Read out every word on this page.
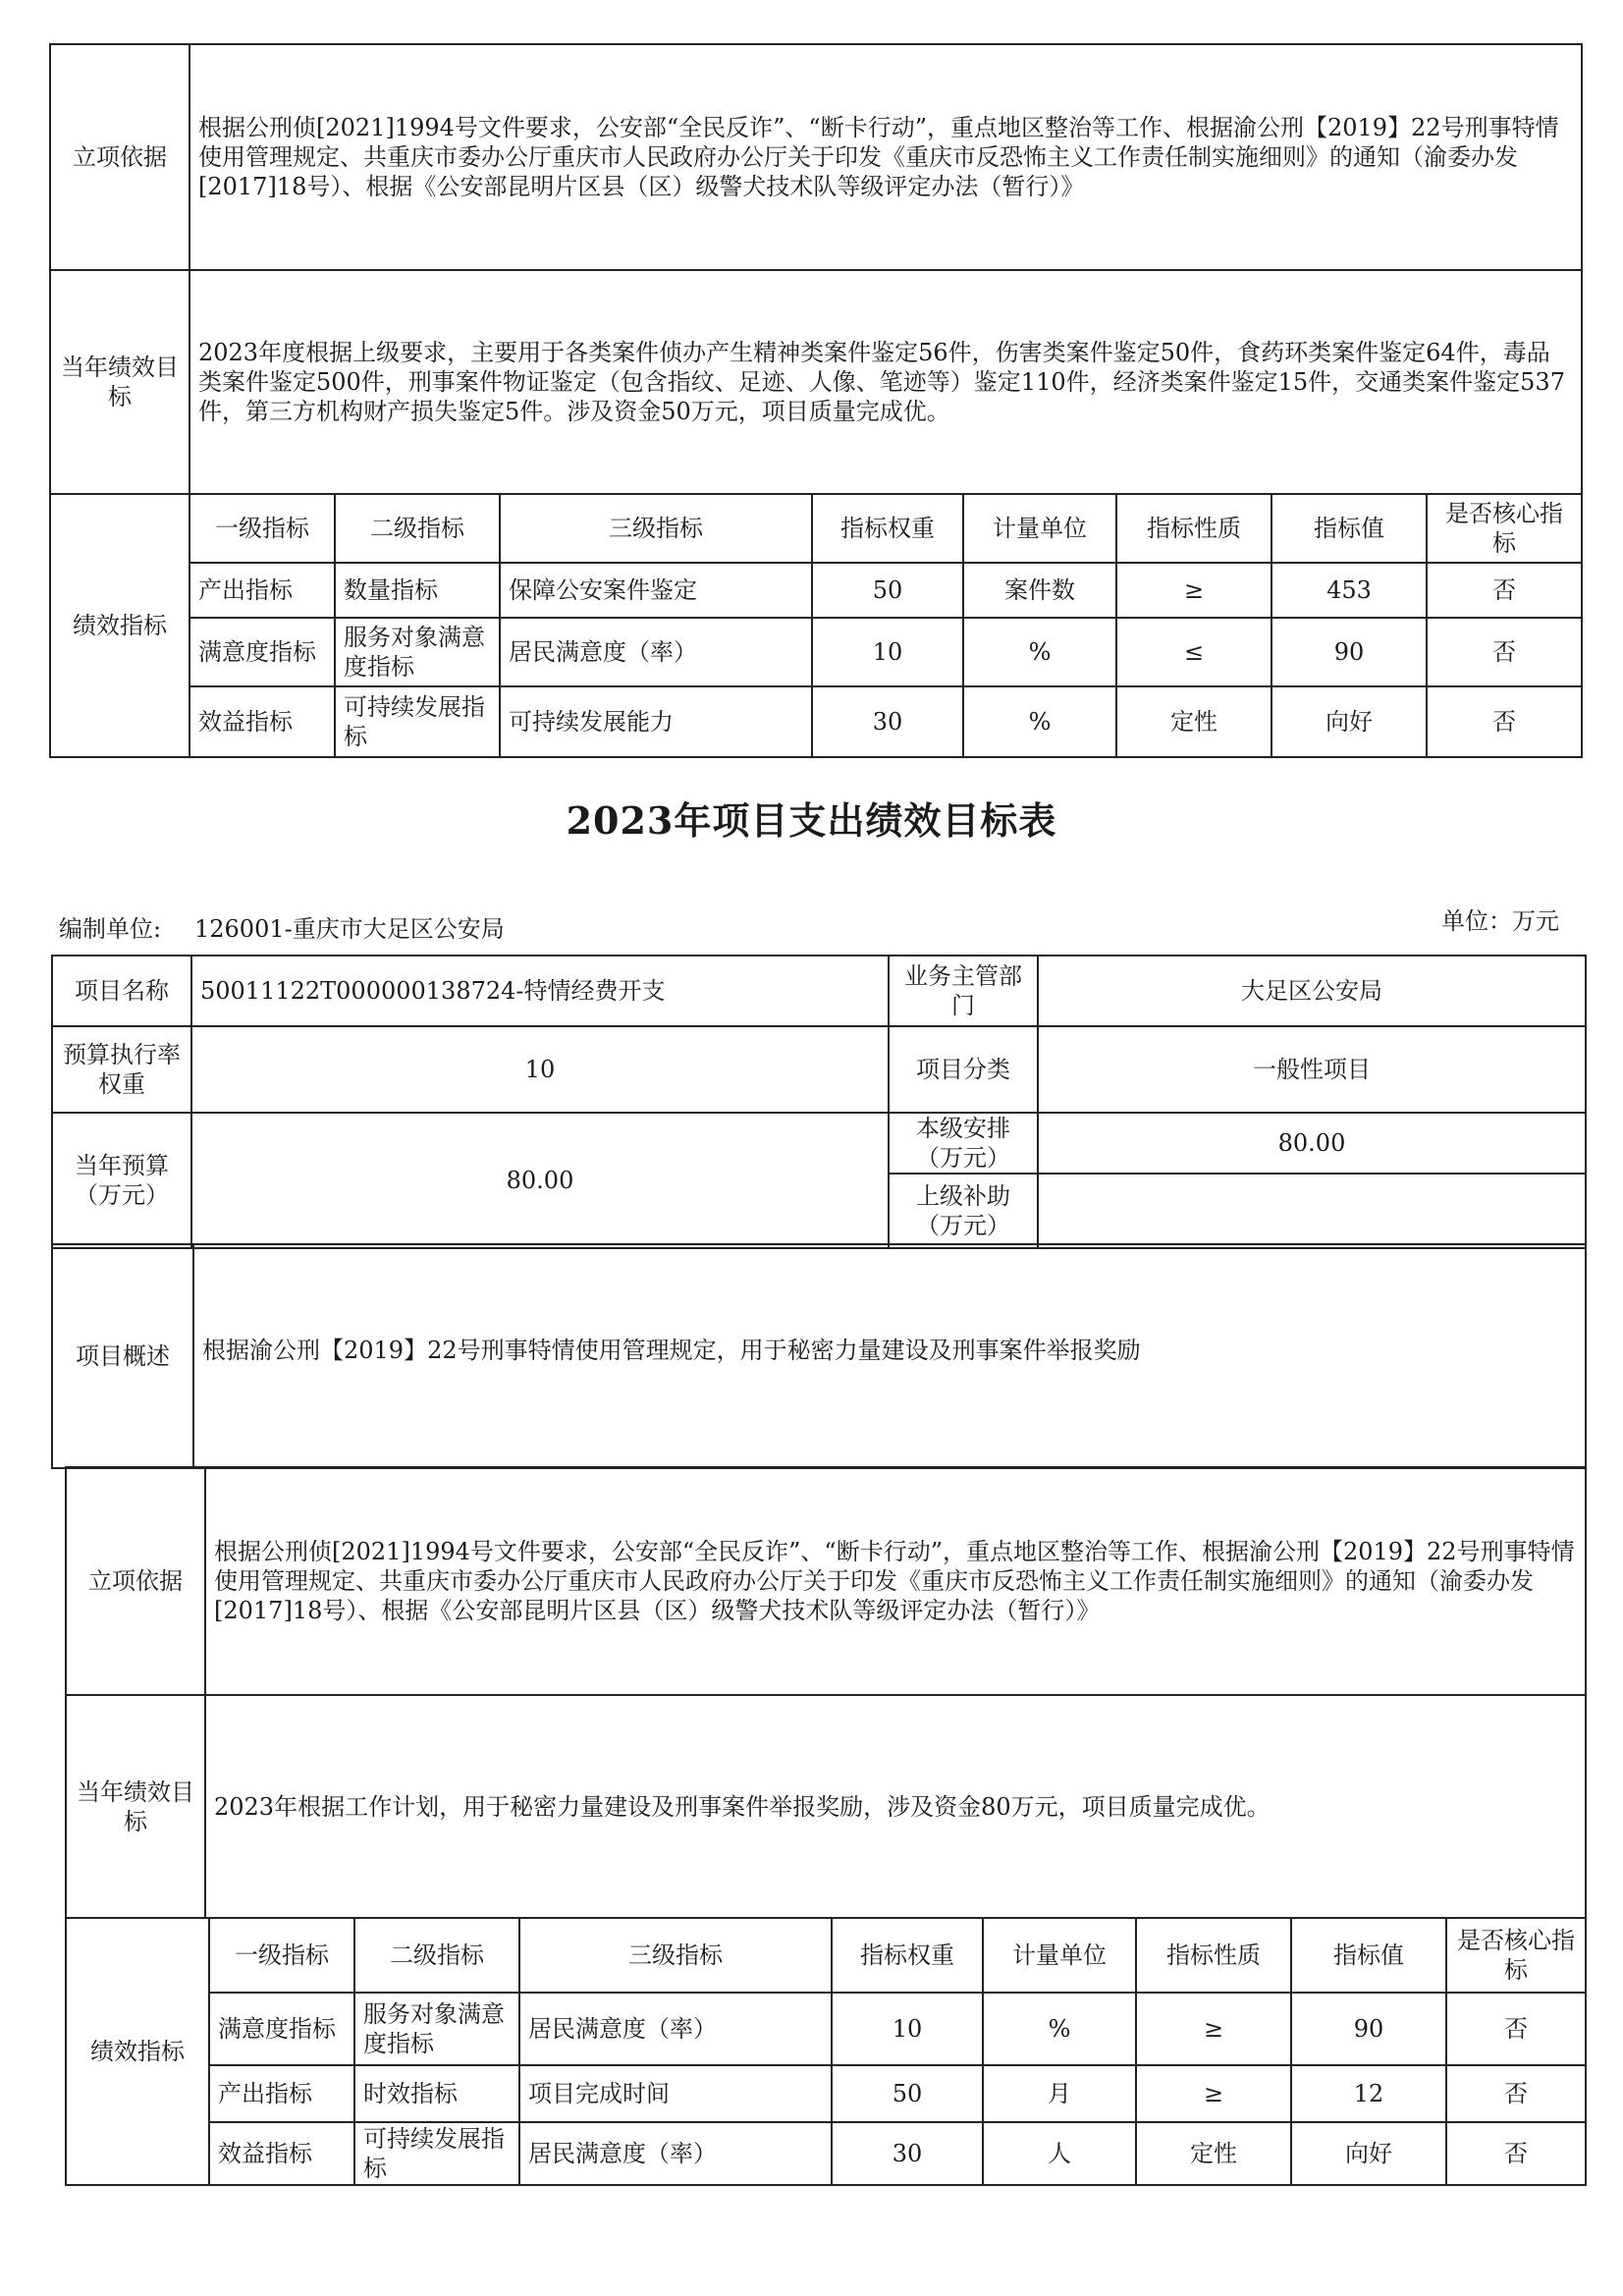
立项依据	根据公刑侦[2021]1994号文件要求，公安部“全民反诈”、“断卡行动”，重点地区整治等工作、根据渝公刑【2019】22号刑事特情使用管理规定、共重庆市委办公厅重庆市人民政府办公厅关于印发《重庆市反恐怖主义工作责任制实施细则》的通知（渝委办发[2017]18号）、根据《公安部昆明片区县（区）级警犬技术队等级评定办法（暂行）》							
当年绩效目标	2023年度根据上级要求，主要用于各类案件侦办产生精神类案件鉴定56件，伤害类案件鉴定50件，食药环类案件鉴定64件，毒品类案件鉴定500件，刑事案件物证鉴定（包含指纹、足迹、人像、笔迹等）鉴定110件，经济类案件鉴定15件，交通类案件鉴定537件，第三方机构财产损失鉴定5件。涉及资金50万元，项目质量完成优。							
绩效指标	一级指标	二级指标	三级指标	指标权重	计量单位	指标性质	指标值	是否核心指标
	产出指标	数量指标	保障公安案件鉴定	50	案件数	≥	453	否
	满意度指标	服务对象满意度指标	居民满意度（率）	10	%	≤	90	否
	效益指标	可持续发展指标	可持续发展能力	30	%	定性	向好	否
2023年项目支出绩效目标表
编制单位: 126001-重庆市大足区公安局	单位：万元
项目名称	50011122T000000138724-特情经费开支	业务主管部门	大足区公安局
预算执行率权重	10	项目分类	一般性项目
当年预算（万元）	80.00	本级安排（万元）	80.00
		上级补助（万元）	
项目概述	根据渝公刑【2019】22号刑事特情使用管理规定，用于秘密力量建设及刑事案件举报奖励
立项依据	根据公刑侦[2021]1994号文件要求，公安部“全民反诈”、“断卡行动”，重点地区整治等工作、根据渝公刑【2019】22号刑事特情使用管理规定、共重庆市委办公厅重庆市人民政府办公厅关于印发《重庆市反恐怖主义工作责任制实施细则》的通知（渝委办发[2017]18号）、根据《公安部昆明片区县（区）级警犬技术队等级评定办法（暂行）》
当年绩效目标	2023年根据工作计划，用于秘密力量建设及刑事案件举报奖励，涉及资金80万元，项目质量完成优。
绩效指标	一级指标	二级指标	三级指标	指标权重	计量单位	指标性质	指标值	是否核心指标
	满意度指标	服务对象满意度指标	居民满意度（率）	10	%	≥	90	否
	产出指标	时效指标	项目完成时间	50	月	≥	12	否
	效益指标	可持续发展指标	居民满意度（率）	30	人	定性	向好	否
